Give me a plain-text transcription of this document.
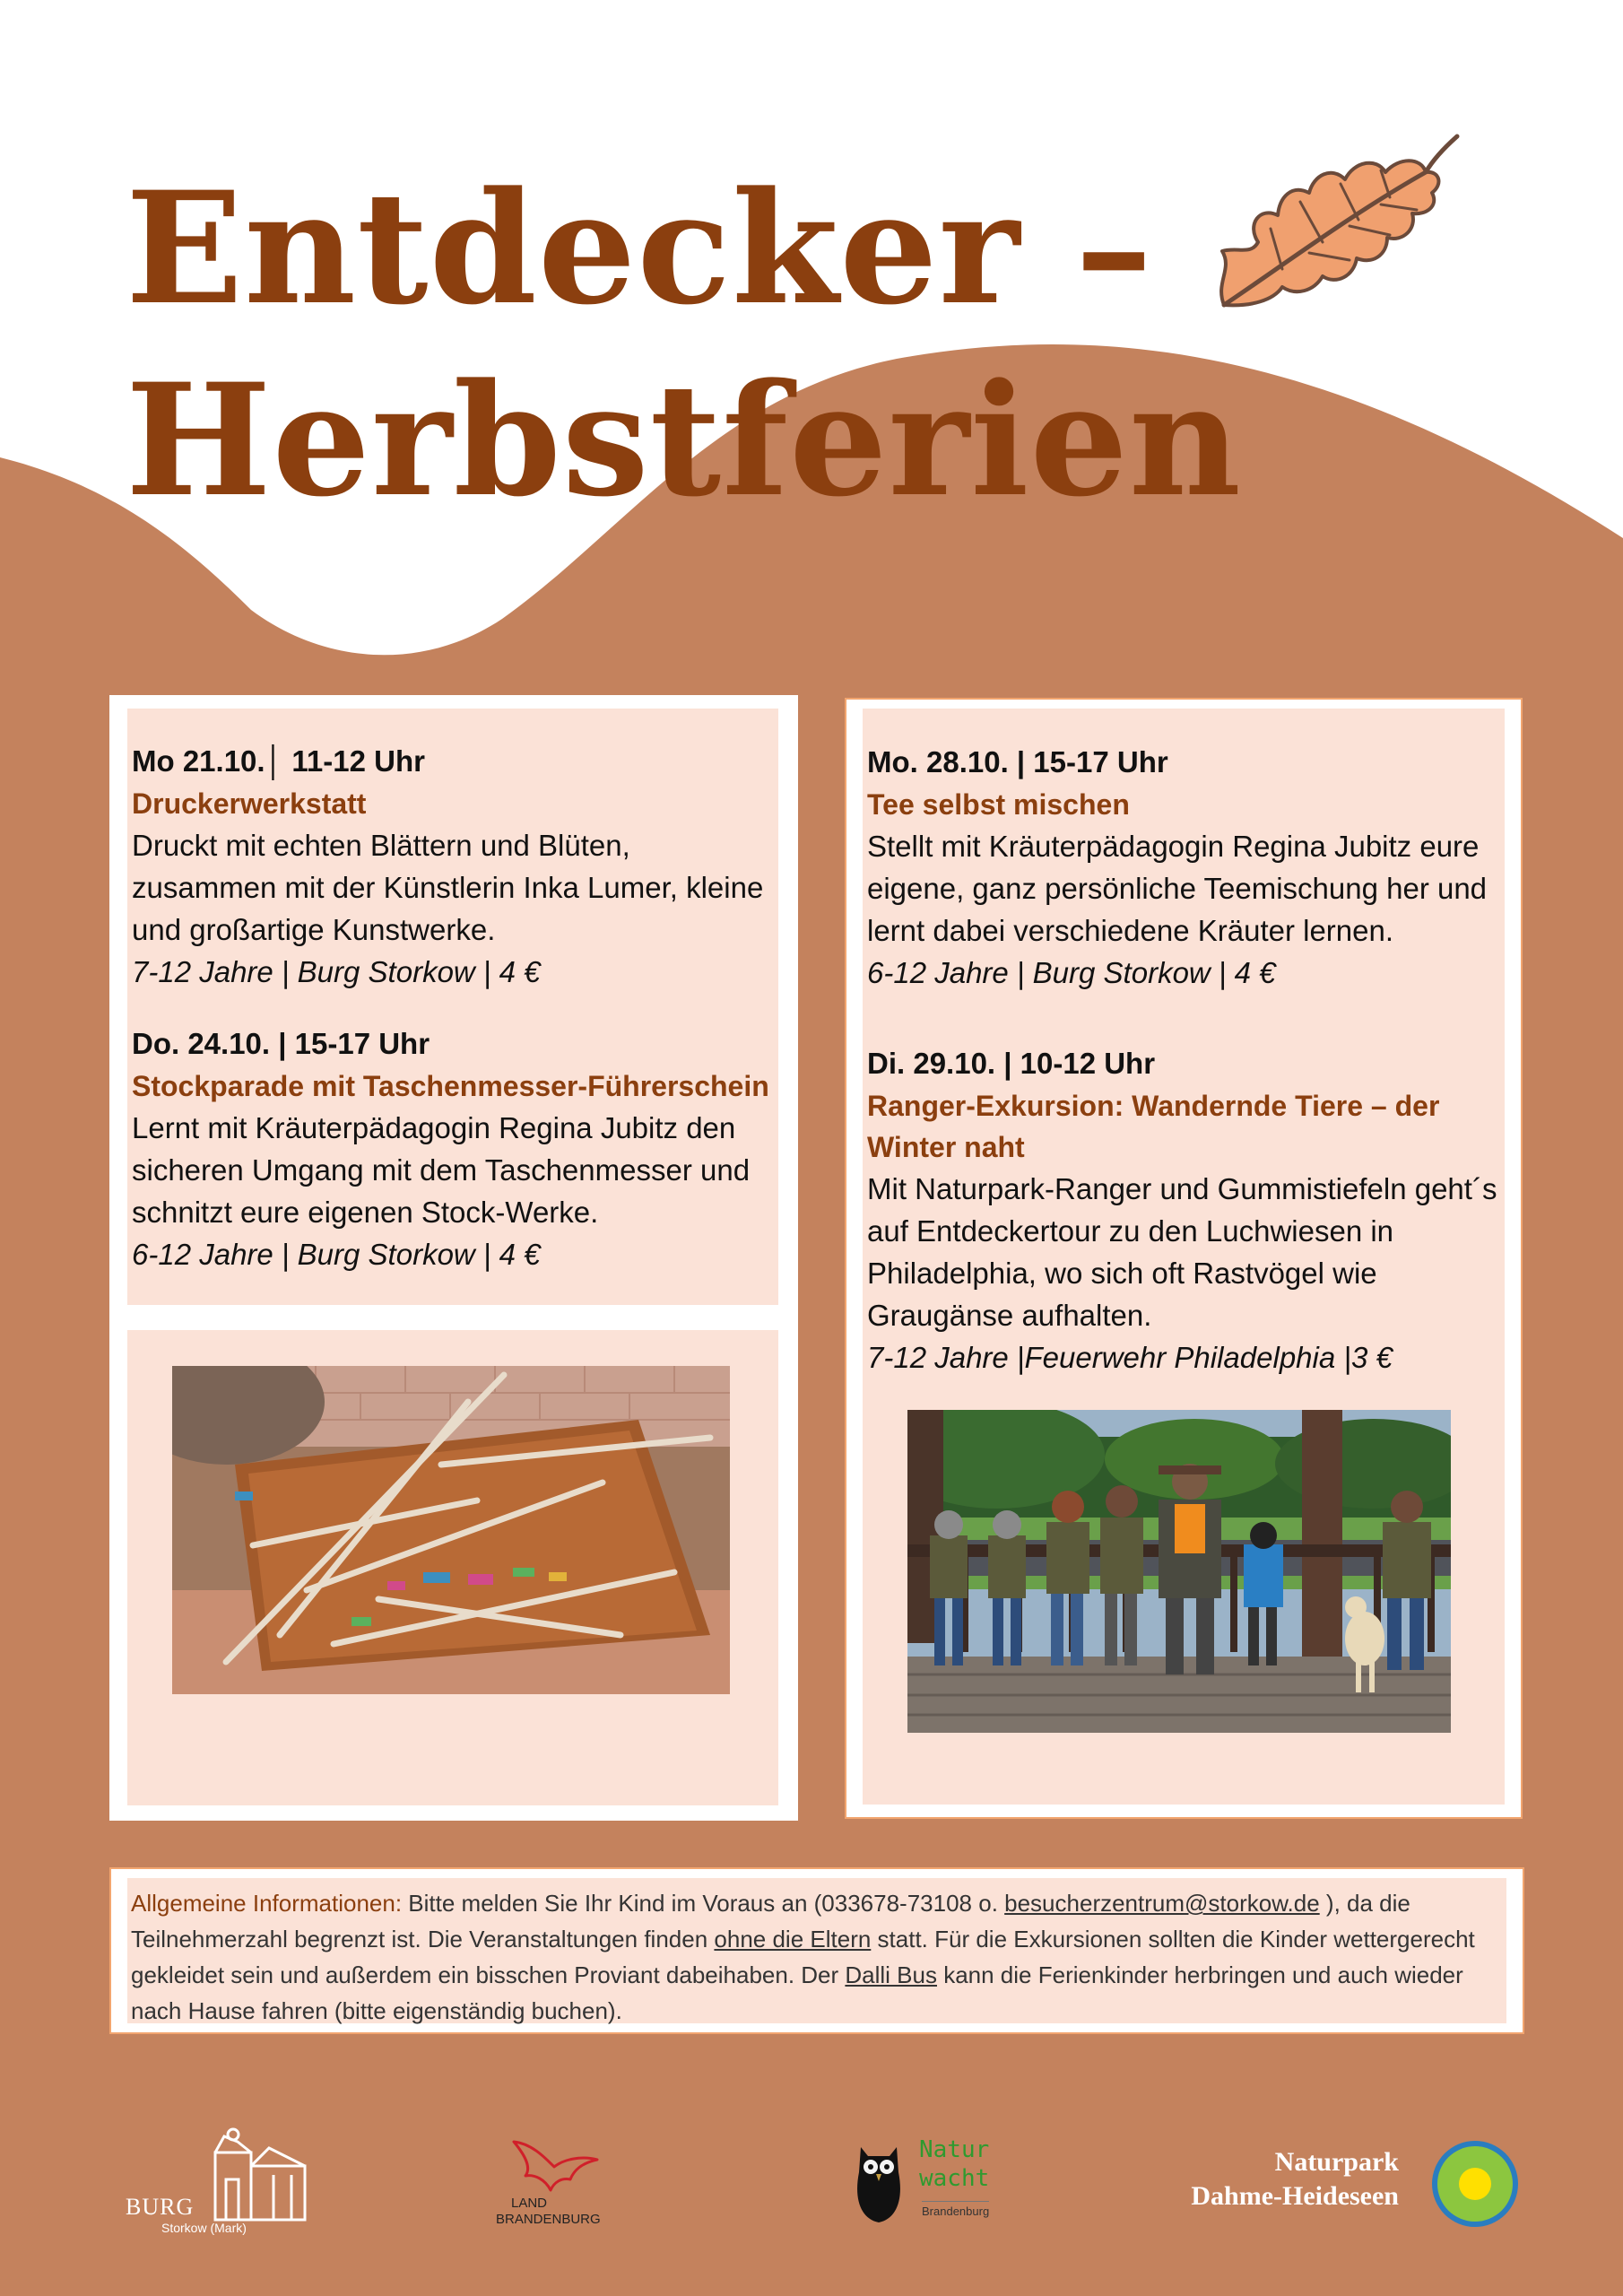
Entdecker –
Herbstferien
Mo 21.10.│ 11-12 Uhr
Druckerwerkstatt
Druckt mit echten Blättern und Blüten, zusammen mit der Künstlerin Inka Lumer, kleine und großartige Kunstwerke.
7-12 Jahre | Burg Storkow | 4 €
Do. 24.10. | 15-17 Uhr
Stockparade mit Taschenmesser-Führerschein
Lernt mit Kräuterpädagogin Regina Jubitz den sicheren Umgang mit dem Taschenmesser und schnitzt eure eigenen Stock-Werke.
6-12 Jahre | Burg Storkow | 4 €
Mo. 28.10. | 15-17 Uhr
Tee selbst mischen
Stellt mit Kräuterpädagogin Regina Jubitz eure eigene, ganz persönliche Teemischung her und lernt dabei verschiedene Kräuter lernen.
6-12 Jahre | Burg Storkow | 4 €
Di. 29.10. | 10-12 Uhr
Ranger-Exkursion: Wandernde Tiere – der Winter naht
Mit Naturpark-Ranger und Gummistiefeln geht´s auf Entdeckertour zu den Luchwiesen in Philadelphia, wo sich oft Rastvögel wie Graugänse aufhalten.
7-12 Jahre |Feuerwehr Philadelphia |3 €
Allgemeine Informationen: Bitte melden Sie Ihr Kind im Voraus an (033678-73108 o. besucherzentrum@storkow.de ), da die Teilnehmerzahl begrenzt ist. Die Veranstaltungen finden ohne die Eltern statt. Für die Exkursionen sollten die Kinder wettergerecht gekleidet sein und außerdem ein bisschen Proviant dabeihaben. Der Dalli Bus kann die Ferienkinder herbringen und auch wieder nach Hause fahren (bitte eigenständig buchen).
BURG
Storkow (Mark)
LAND
BRANDENBURG
Natur
wacht
Brandenburg
Naturpark
Dahme-Heideseen
